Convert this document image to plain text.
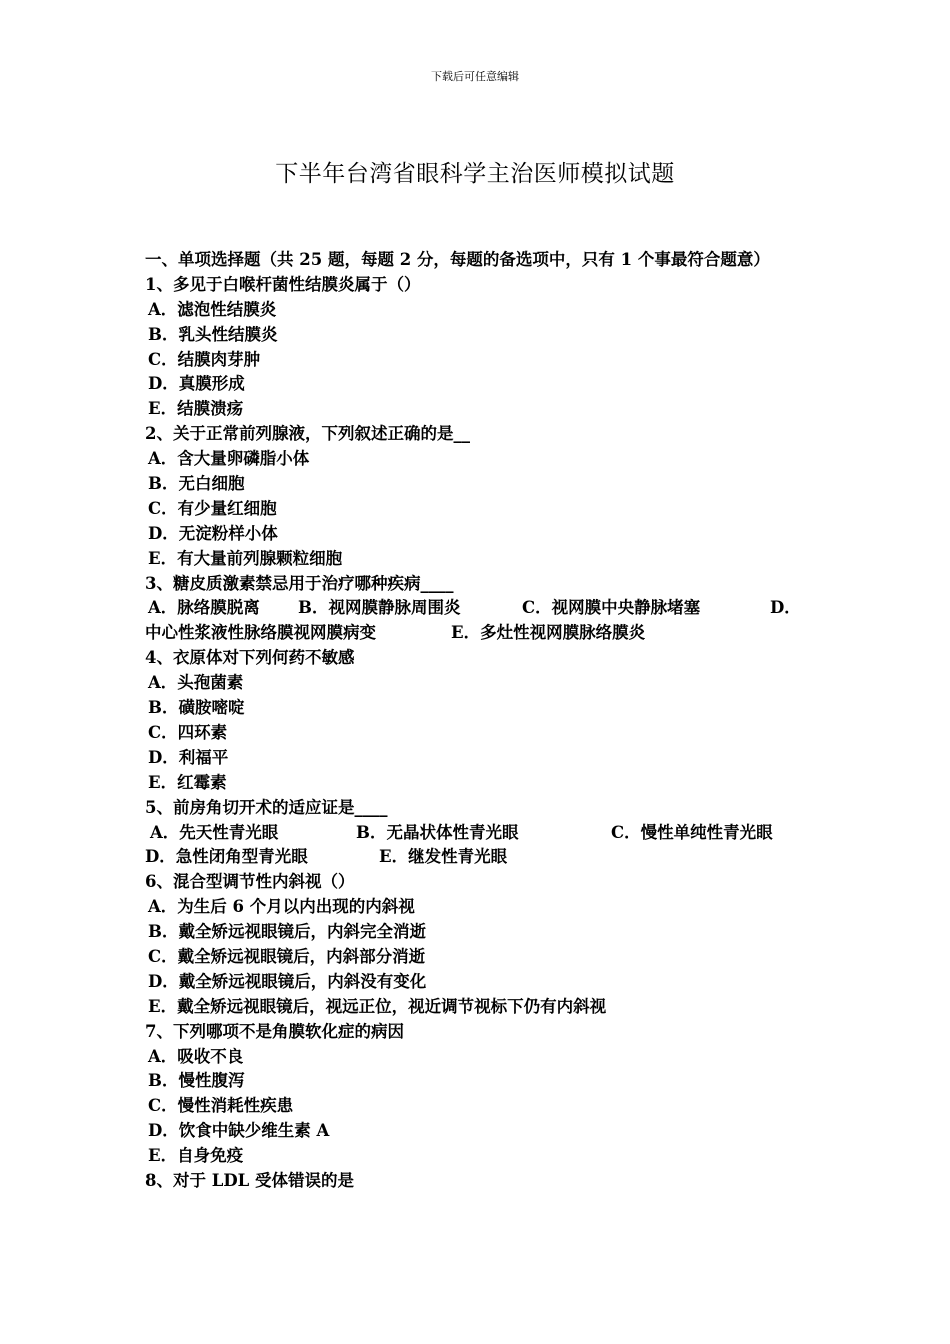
下载后可任意编辑
下半年台湾省眼科学主治医师模拟试题
一、单项选择题（共 25 题，每题 2 分，每题的备选项中，只有 1 个事最符合题意）
1、多见于白喉杆菌性结膜炎属于（）
A．滤泡性结膜炎
B．乳头性结膜炎
C．结膜肉芽肿
D．真膜形成
E．结膜溃疡
2、关于正常前列腺液，下列叙述正确的是__
A．含大量卵磷脂小体
B．无白细胞
C．有少量红细胞
D．无淀粉样小体
E．有大量前列腺颗粒细胞
3、糖皮质激素禁忌用于治疗哪种疾病____
A．脉络膜脱离	B．视网膜静脉周围炎	C．视网膜中央静脉堵塞	D．
中心性浆液性脉络膜视网膜病变	E．多灶性视网膜脉络膜炎
4、衣原体对下列何药不敏感
A．头孢菌素
B．磺胺嘧啶
C．四环素
D．利福平
E．红霉素
5、前房角切开术的适应证是____
A．先天性青光眼	B．无晶状体性青光眼	C．慢性单纯性青光眼
D．急性闭角型青光眼	E．继发性青光眼
6、混合型调节性内斜视（）
A．为生后 6 个月以内出现的内斜视
B．戴全矫远视眼镜后，内斜完全消逝
C．戴全矫远视眼镜后，内斜部分消逝
D．戴全矫远视眼镜后，内斜没有变化
E．戴全矫远视眼镜后，视远正位，视近调节视标下仍有内斜视
7、下列哪项不是角膜软化症的病因
A．吸收不良
B．慢性腹泻
C．慢性消耗性疾患
D．饮食中缺少维生素 A
E．自身免疫
8、对于 LDL 受体错误的是
